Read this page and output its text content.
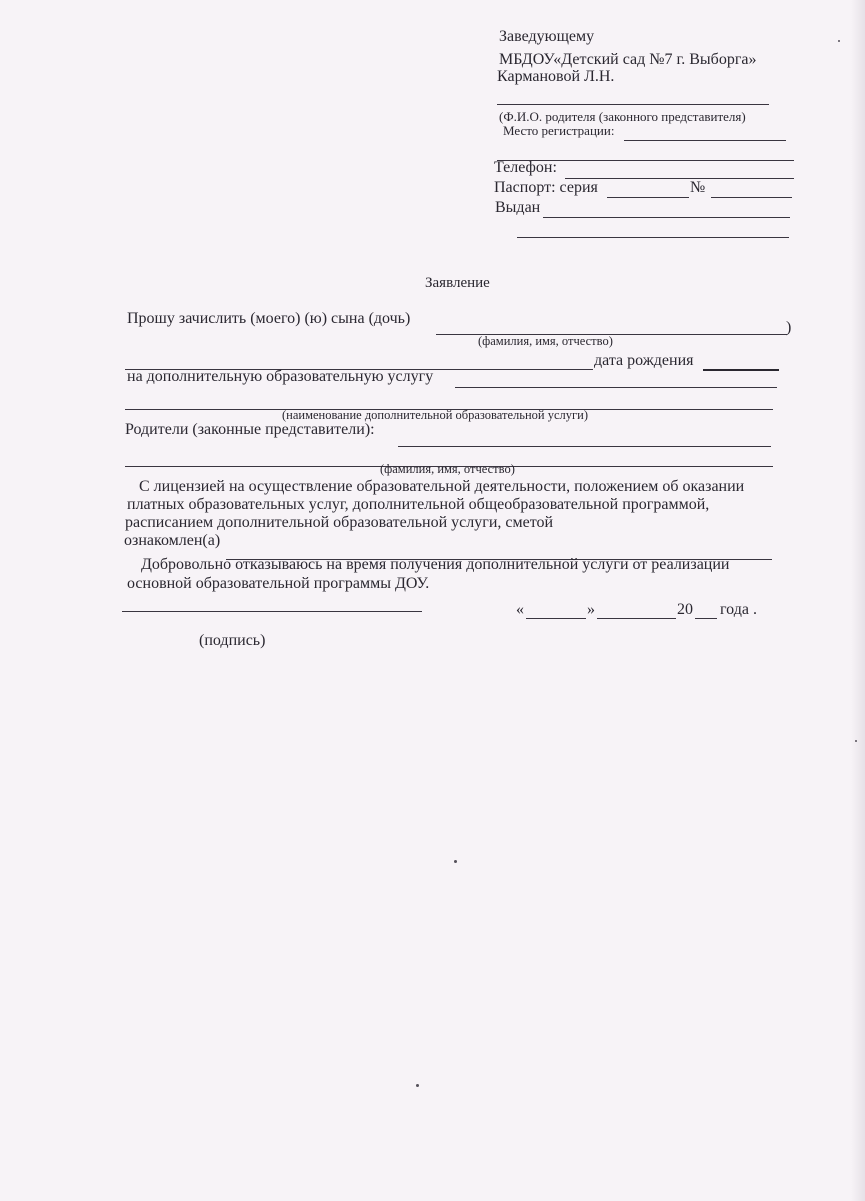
Заведующему
МБДОУ«Детский сад №7 г. Выборга»
Кармановой Л.Н.
(Ф.И.О. родителя (законного представителя)
Место регистрации:
Телефон:
Паспорт: серия	№
Выдан
Заявление
Прошу зачислить (моего) (ю) сына (дочь)
)
(фамилия, имя, отчество)
дата рождения
на дополнительную образовательную услугу
(наименование дополнительной образовательной услуги)
Родители (законные представители):
(фамилия, имя, отчество)
С лицензией на осуществление образовательной деятельности, положением об оказании
платных образовательных услуг, дополнительной общеобразовательной программой,
расписанием дополнительной образовательной услуги, сметой
ознакомлен(а)
Добровольно отказываюсь на время получения дополнительной услуги от реализации
основной образовательной программы ДОУ.
«	»	20 года .
(подпись)
